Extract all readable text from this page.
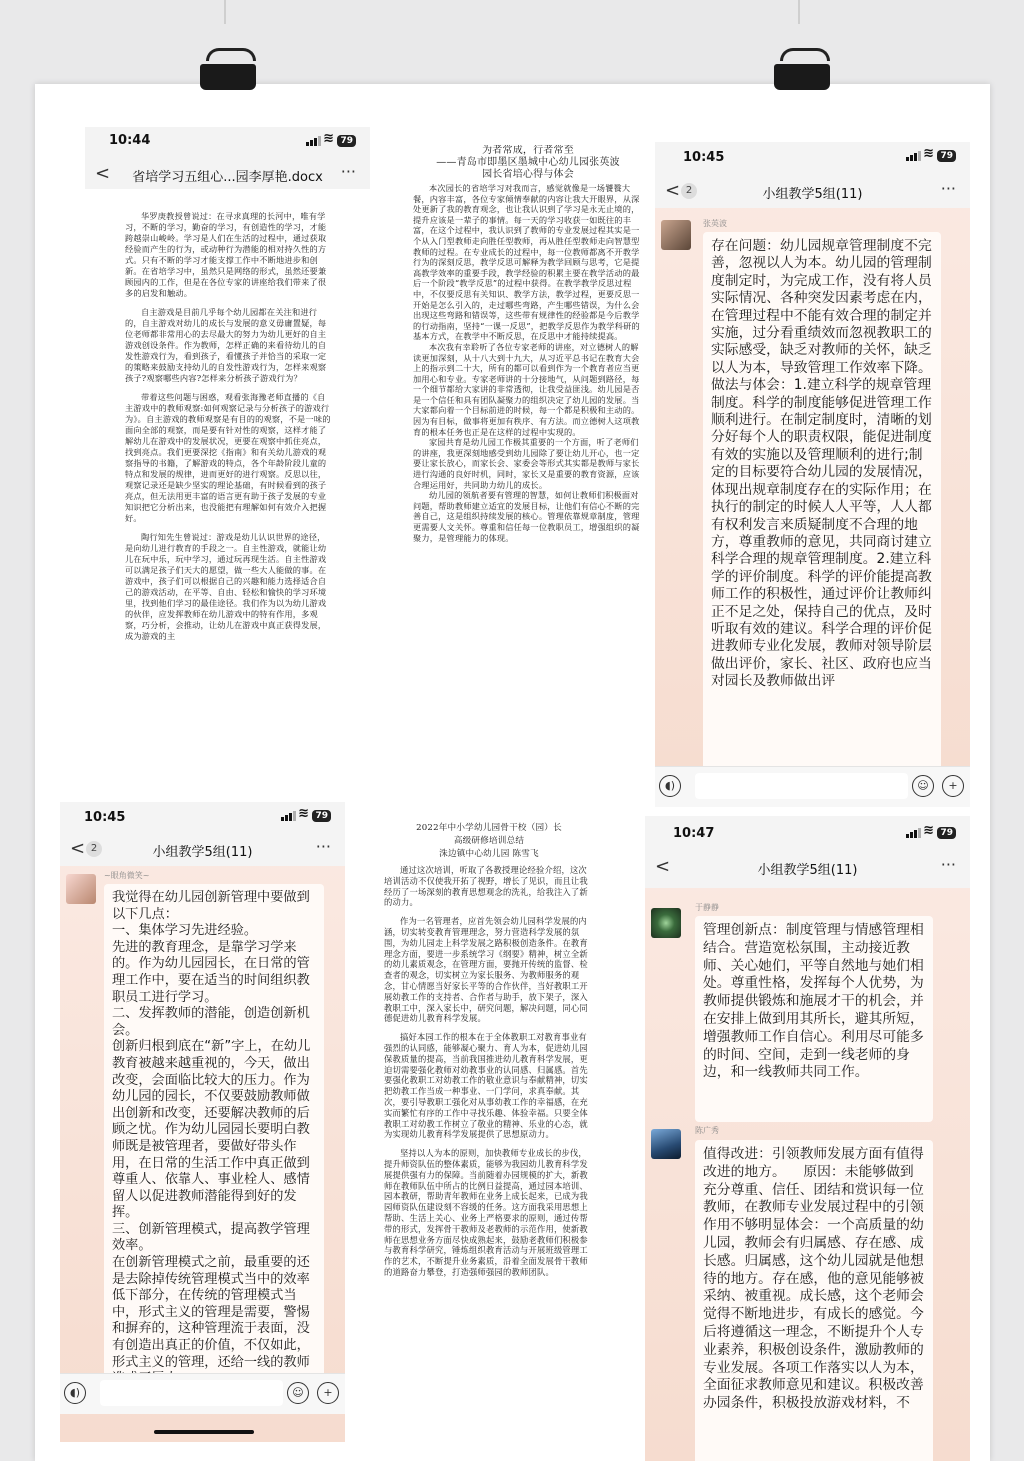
10:44	≋ 79
<	省培学习五组心...园李厚艳.docx	···

华罗庚教授曾说过：在寻求真理的长河中，唯有学习，不断的学习，勤奋的学习，有创造性的学习，才能跨越崇山峻岭。学习是人们在生活的过程中，通过获取经验而产生的行为，或动种行为潜能的相对持久性的方式。只有不断的学习才能支撑工作中不断地进步和创新。在省培学习中，虽然只是网络的形式，虽然还要兼顾园内的工作，但是在各位专家的讲座给我们带来了很多的启发和触动。

自主游戏是目前几乎每个幼儿园都在关注和进行的，自主游戏对幼儿的成长与发展的意义毋庸置疑，每位老师都非常用心的去尽最大的努力为幼儿更好的自主游戏创设条件。作为教师，怎样正确的来看待幼儿的自发性游戏行为，看到孩子，看懂孩子并恰当的采取一定的策略来鼓励支持幼儿的自发性游戏行为，怎样来观察孩子?观察哪些内容?怎样来分析孩子游戏行为？

带着这些问题与困惑，观看张海豫老师直播的《自主游戏中的教师观察:如何观察记录与分析孩子的游戏行为》。自主游戏的教师观察是有目的的观察，不是一味的面向全部的观察，而是要有针对性的观察，这样才能了解幼儿在游戏中的发展状况，更要在观察中抓住亮点，找到亮点。我们更要深挖《指南》和有关幼儿游戏的观察指导的书籍，了解游戏的特点，各个年龄阶段儿童的特点和发展的规律，进而更好的进行观察。反思以往，观察记录还是缺少坚实的理论基础，有时候看到的孩子亮点，但无法用更丰富的语言更有助于孩子发展的专业知识把它分析出来，也没能把有理解如何有效介入把握好。

陶行知先生曾说过：游戏是幼儿认识世界的途径，是向幼儿进行教育的手段之一。自主性游戏，就能让幼儿在玩中乐，玩中学习，通过玩再现生活。自主性游戏可以满足孩子们天大的愿望，做一些大人能做的事。在游戏中，孩子们可以根据自己的兴趣和能力选择适合自己的游戏活动，在平等、自由、轻松和愉快的学习环境里，找到他们学习的最佳途径。我们作为以为幼儿游戏的伙伴，应发挥教师在幼儿游戏中的特有作用，多观察，巧分析，会推动，让幼儿在游戏中真正获得发展，成为游戏的主

为者常成，行者常至
——青岛市即墨区墨城中心幼儿园张英波
园长省培心得与体会

本次园长的省培学习对我而言，感觉就像是一场饕餮大餐，内容丰富，各位专家倾情奉献的内容让我大开眼界，从深处更新了我的教育观念，也让我认识到了学习是永无止境的，提升应该是一辈子的事情。每一天的学习收获一如既往的丰富，在这个过程中，我认识到了教师的专业发展过程其实是一个从入门型教师走向胜任型教师，再从胜任型教师走向智慧型教师的过程。在专业成长的过程中，每一位教师都离不开教学行为的深刻反思，教学反思可解释为教学回顾与思考，它是提高教学效率的重要手段，教学经验的积累主要在教学活动的最后一个阶段“教学反思”的过程中获得。在教学教学反思过程中，不仅要反思有关知识、教学方法，教学过程，更要反思一开始是怎么引入的，走过哪些弯路，产生哪些错误，为什么会出现这些弯路和错误等，这些带有规律性的经验都是今后教学的行动指南，坚持“一课一反思”，把教学反思作为教学科研的基本方式，在教学中不断反思，在反思中才能持续提高。

本次我有幸聆听了各位专家老师的讲座，对立德树人的解读更加深刻，从十八大到十九大，从习近平总书记在教育大会上的指示到二十大，所有的都可以看到作为一个教育者应当更加用心和专业。专家老师讲的十分接地气，从问题到路径，每一个细节都给大家讲的非常透彻，让我受益匪浅。幼儿园是否是一个信任和具有团队凝聚力的组织决定了幼儿园的发展。当大家都向着一个目标前进的时候，每一个都是积极和主动的。因为有目标，做事将更加有秩序、有方法。而立德树人这项教育的根本任务也正是在这样的过程中实现的。

家园共育是幼儿园工作极其重要的一个方面，听了老师们的讲座，我更深刻地感受到幼儿园除了要让幼儿开心，也一定要让家长放心，而家长会、家委会等形式其实都是教师与家长进行沟通的良好时机，同时，家长又是重要的教育资源，应该合理运用好，共同助力幼儿的成长。

幼儿园的领航者要有管理的智慧，如何让教师们积极面对问题，帮助教师建立适宜的发展目标，让他们有信心不断的完善自己，这是组织持续发展的核心。管理依靠规章制度，管理更需要人文关怀。尊重和信任每一位教职员工，增强组织的凝聚力，是管理能力的体现。

10:45	≋ 79
< 2	小组教学5组(11)	···
张英波
存在问题：幼儿园规章管理制度不完善，忽视以人为本。幼儿园的管理制度制定时，为完成工作，没有将人员实际情况、各种突发因素考虑在内，在管理过程中不能有效合理的制定并实施，过分看重绩效而忽视教职工的实际感受，缺乏对教师的关怀，缺乏以人为本，导致管理工作效率下降。
做法与体会：1.建立科学的规章管理制度。科学的制度能够促进管理工作顺利进行。在制定制度时，清晰的划分好每个人的职责权限，能促进制度有效的实施以及管理顺利的进行;制定的目标要符合幼儿园的发展情况，体现出规章制度存在的实际作用；在执行的制定的时候人人平等，人人都有权利发言来质疑制度不合理的地方，尊重教师的意见，共同商讨建立科学合理的规章管理制度。2.建立科学的评价制度。科学的评价能提高教师工作的积极性，通过评价让教师纠正不足之处，保持自己的优点，及时听取有效的建议。科学合理的评价促进教师专业化发展，教师对领导阶层做出评价，家长、社区、政府也应当对园长及教师做出评
◖)	☺	+
10:45	≋ 79
< 2	小组教学5组(11)	···
~眼角微笑~
我觉得在幼儿园创新管理中要做到以下几点：
一、集体学习先进经验。
先进的教育理念，是靠学习学来的。作为幼儿园园长，在日常的管理工作中，要在适当的时间组织教职员工进行学习。
二、发挥教师的潜能，创造创新机会。
创新归根到底在“新”字上，在幼儿教育被越来越重视的，今天，做出改变，会面临比较大的压力。作为幼儿园的园长，不仅要鼓励教师做出创新和改变，还要解决教师的后顾之忧。作为幼儿园园长要明白教师既是被管理者，要做好带头作用，在日常的生活工作中真正做到尊重人、依靠人、事业栓人、感情留人以促进教师潜能得到好的发挥。
三、创新管理模式，提高教学管理效率。
在创新管理模式之前，最重要的还是去除掉传统管理模式当中的效率低下部分，在传统的管理模式当中，形式主义的管理是需要，警惕和摒弃的，这种管理流于表面，没有创造出真正的价值，不仅如此，形式主义的管理，还给一线的教师
◖)	☺	+
2022年中小学幼儿园骨干校（园）长
高级研修培训总结
洙边镇中心幼儿园 陈雪飞

通过这次培训，听取了各教授理论经验介绍，这次培训活动不仅使我开拓了视野，增长了见识，而且让我经历了一场深刻的教育思想观念的洗礼，给我注入了新的动力。

作为一名管理者，应首先领会幼儿园科学发展的内涵，切实转变教育管理理念，努力营造科学发展的氛围，为幼儿园走上科学发展之路积极创造条件。在教育理念方面，要进一步系统学习《纲要》精神，树立全新的幼儿素质观念，在管理方面，要抛开传统的监督、检查者的观念，切实树立为家长服务、为教师服务的观念，甘心情愿当好家长平等的合作伙伴，当好教职工开展幼教工作的支持者、合作者与助手，放下架子，深入教职工中，深入家长中，研究问题，解决问题，同心同德促进幼儿教育科学发展。

搞好本园工作的根本在于全体教职工对教育事业有强烈的认同感，能够凝心聚力、育人为本，促进幼儿园保教质量的提高，当前我国推进幼儿教育科学发展，更迫切需要强化教师对幼教事业的认同感、归属感。首先要强化教职工对幼教工作的敬业意识与奉献精神，切实把幼教工作当成一种事业、一门学问，求真奉献。其次，要引导教职工强化对从事幼教工作的幸福感，在充实而繁忙有序的工作中寻找乐趣、体验幸福。只要全体教职工对幼教工作树立了敬业的精神、乐业的心态，就为实现幼儿教育科学发展提供了思想原动力。

坚持以人为本的原则，加快教师专业成长的步伐，提升师资队伍的整体素质，能够为我园幼儿教育科学发展提供强有力的保障。当前随着办园规模的扩大，新教师在教师队伍中所占的比例日益提高，通过园本培训、园本教研，帮助青年教师在业务上成长起来，已成为我园师资队伍建设刻不容缓的任务。这方面我采用思想上帮助、生活上关心、业务上严格要求的原则，通过传帮带的形式，发挥骨干教师及老教师的示范作用，使新教师在思想业务方面尽快成熟起来，鼓励老教师们积极参与教育科学研究，锤炼组织教育活动与开展班级管理工作的艺术，不断提升业务素质，沿着全面发展骨干教师的道路奋力攀登，打造强师强园的教师团队。

10:47	≋ 79
<	小组教学5组(11)	···
于静静
管理创新点：制度管理与情感管理相结合。营造宽松氛围，主动接近教师、关心她们，平等自然地与她们相处。尊重性格，发挥每个人优势，为教师提供锻炼和施展才干的机会，并在安排上做到用其所长，避其所短，增强教师工作自信心。利用尽可能多的时间、空间，走到一线老师的身边，和一线教师共同工作。
陈广秀
值得改进：引领教师发展方面有值得改进的地方。    原因：未能够做到充分尊重、信任、团结和赏识每一位教师，在教师专业发展过程中的引领作用不够明显体会：一个高质量的幼儿园，教师会有归属感、存在感、成长感。归属感，这个幼儿园就是他想待的地方。存在感，他的意见能够被采纳、被重视。成长感，这个老师会觉得不断地进步，有成长的感觉。今后将遵循这一理念，不断提升个人专业素养，积极创设条件，激励教师的专业发展。各项工作落实以人为本，全面征求教师意见和建议。积极改善办园条件，积极投放游戏材料，不
